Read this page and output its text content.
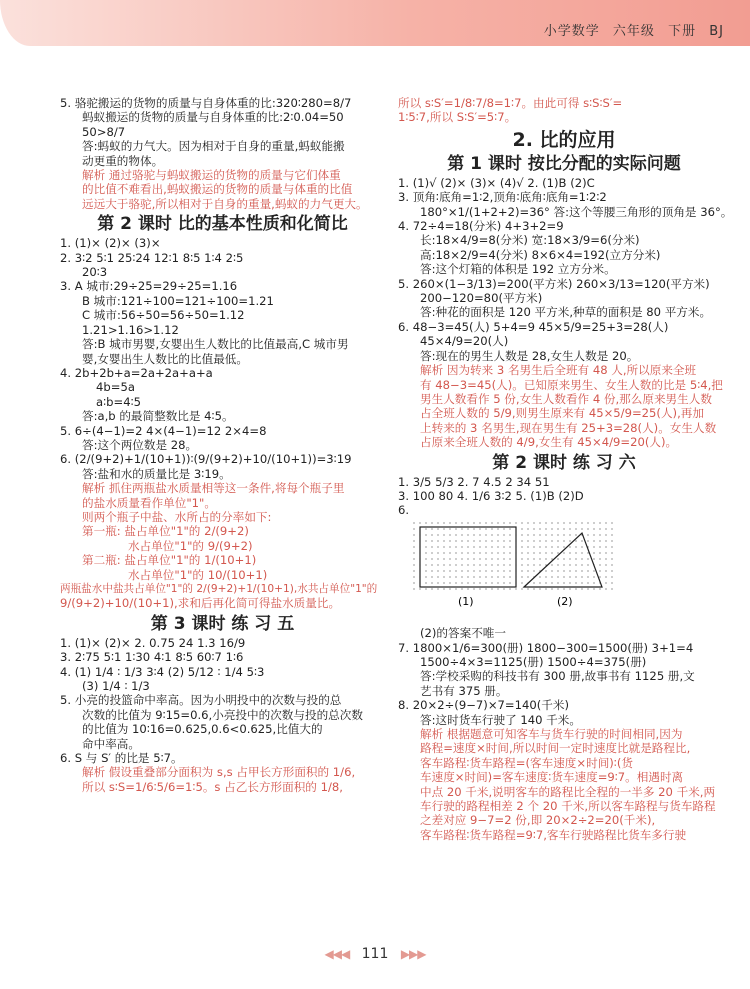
小学数学 六年级 下册 BJ
5. 骆驼搬运的货物的质量与自身体重的比:320∶280=8/7
蚂蚁搬运的货物的质量与自身体重的比:2∶0.04=50
50>8/7
答:蚂蚁的力气大。因为相对于自身的重量,蚂蚁能搬
动更重的物体。
解析 通过骆驼与蚂蚁搬运的货物的质量与它们体重
的比值不难看出,蚂蚁搬运的货物的质量与体重的比值
远远大于骆驼,所以相对于自身的重量,蚂蚁的力气更大。
第 2 课时 比的基本性质和化简比
1. (1)× (2)× (3)×
2. 3∶2 5∶1 25∶24 12∶1 8∶5 1∶4 2∶5
20∶3
3. A 城市:29÷25=29÷25=1.16
B 城市:121÷100=121÷100=1.21
C 城市:56÷50=56÷50=1.12
1.21>1.16>1.12
答:B 城市男婴,女婴出生人数比的比值最高,C 城市男
婴,女婴出生人数比的比值最低。
4. 2b+2b+a=2a+2a+a+a
4b=5a
a∶b=4∶5
答:a,b 的最简整数比是 4∶5。
5. 6÷(4−1)=2 4×(4−1)=12 2×4=8
答:这个两位数是 28。
6. (2/(9+2)+1/(10+1))∶(9/(9+2)+10/(10+1))=3∶19
答:盐和水的质量比是 3∶19。
解析 抓住两瓶盐水质量相等这一条件,将每个瓶子里
的盐水质量看作单位"1"。
则两个瓶子中盐、水所占的分率如下:
第一瓶: 盐占单位"1"的 2/(9+2)
水占单位"1"的 9/(9+2)
第二瓶: 盐占单位"1"的 1/(10+1)
水占单位"1"的 10/(10+1)
两瓶盐水中盐共占单位"1"的 2/(9+2)+1/(10+1),水共占单位"1"的
9/(9+2)+10/(10+1),求和后再化简可得盐水质量比。
第 3 课时 练 习 五
1. (1)× (2)× 2. 0.75 24 1.3 16/9
3. 2∶75 5∶1 1∶30 4∶1 8∶5 60∶7 1∶6
4. (1) 1/4 ∶ 1/3 3∶4 (2) 5/12 ∶ 1/4 5∶3
(3) 1/4 ∶ 1/3
5. 小亮的投篮命中率高。因为小明投中的次数与投的总
次数的比值为 9∶15=0.6,小亮投中的次数与投的总次数
的比值为 10∶16=0.625,0.6<0.625,比值大的
命中率高。
6. S 与 S′ 的比是 5∶7。
解析 假设重叠部分面积为 s,s 占甲长方形面积的 1/6,
所以 s∶S=1/6∶5/6=1∶5。s 占乙长方形面积的 1/8,
所以 s∶S′=1/8∶7/8=1∶7。由此可得 s∶S∶S′=
1∶5∶7,所以 S∶S′=5∶7。
2. 比的应用
第 1 课时 按比分配的实际问题
1. (1)√ (2)× (3)× (4)√ 2. (1)B (2)C
3. 顶角∶底角=1∶2,顶角∶底角∶底角=1∶2∶2
180°×1/(1+2+2)=36° 答:这个等腰三角形的顶角是 36°。
4. 72÷4=18(分米) 4+3+2=9
长:18×4/9=8(分米) 宽:18×3/9=6(分米)
高:18×2/9=4(分米) 8×6×4=192(立方分米)
答:这个灯箱的体积是 192 立方分米。
5. 260×(1−3/13)=200(平方米) 260×3/13=120(平方米)
200−120=80(平方米)
答:种花的面积是 120 平方米,种草的面积是 80 平方米。
6. 48−3=45(人) 5+4=9 45×5/9=25+3=28(人)
45×4/9=20(人)
答:现在的男生人数是 28,女生人数是 20。
解析 因为转来 3 名男生后全班有 48 人,所以原来全班
有 48−3=45(人)。已知原来男生、女生人数的比是 5∶4,把
男生人数看作 5 份,女生人数看作 4 份,那么原来男生人数
占全班人数的 5/9,则男生原来有 45×5/9=25(人),再加
上转来的 3 名男生,现在男生有 25+3=28(人)。女生人数
占原来全班人数的 4/9,女生有 45×4/9=20(人)。
第 2 课时 练 习 六
1. 3/5 5/3 2. 7 4.5 2 34 51
3. 100 80 4. 1/6 3∶2 5. (1)B (2)D
6.
(1)	(2)
(2)的答案不唯一
7. 1800×1/6=300(册) 1800−300=1500(册) 3+1=4
1500÷4×3=1125(册) 1500÷4=375(册)
答:学校采购的科技书有 300 册,故事书有 1125 册,文
艺书有 375 册。
8. 20×2÷(9−7)×7=140(千米)
答:这时货车行驶了 140 千米。
解析 根据题意可知客车与货车行驶的时间相同,因为
路程=速度×时间,所以时间一定时速度比就是路程比,
客车路程∶货车路程=(客车速度×时间)∶(货
车速度×时间)=客车速度∶货车速度=9∶7。相遇时离
中点 20 千米,说明客车的路程比全程的一半多 20 千米,两
车行驶的路程相差 2 个 20 千米,所以客车路程与货车路程
之差对应 9−7=2 份,即 20×2÷2=20(千米),
客车路程∶货车路程=9∶7,客车行驶路程比货车多行驶
◀◀◀ 111 ▶▶▶
